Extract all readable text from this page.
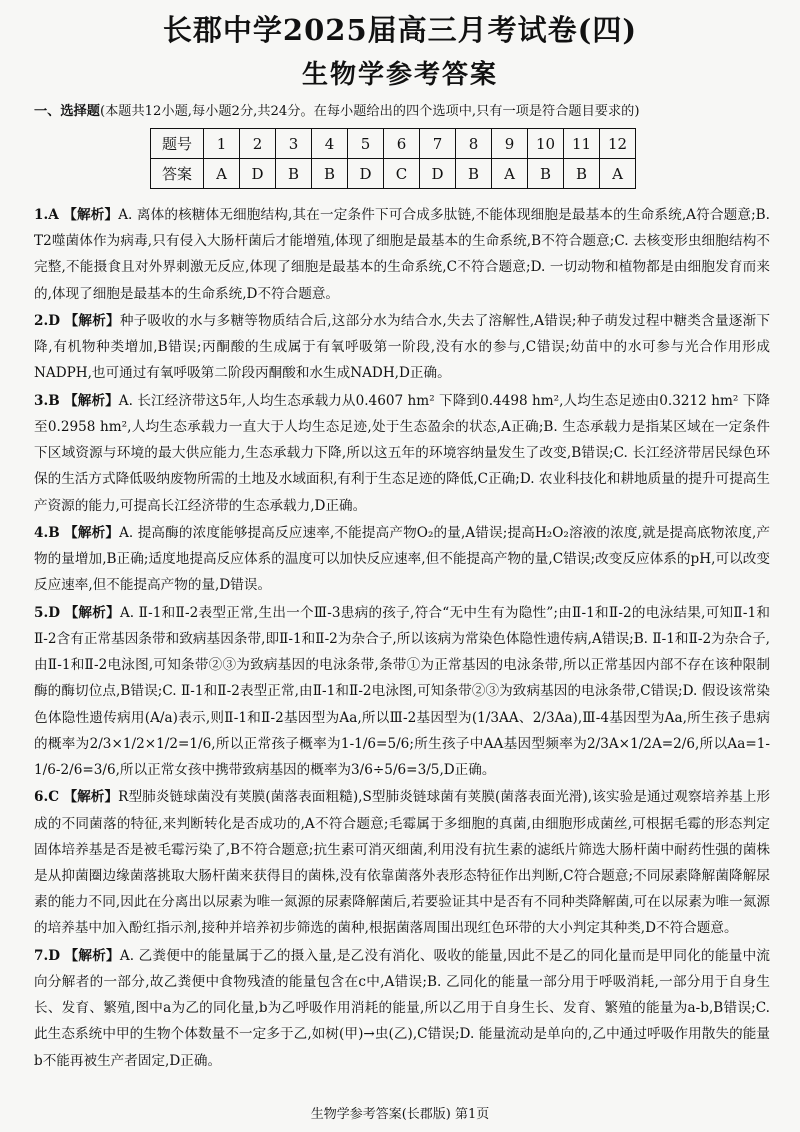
长郡中学2025届高三月考试卷(四)
生物学参考答案
一、选择题(本题共12小题,每小题2分,共24分。在每小题给出的四个选项中,只有一项是符合题目要求的)
题号	1	2	3	4	5	6	7	8	9	10	11	12
答案	A	D	B	B	D	C	D	B	A	B	B	A
1.A 【解析】A. 离体的核糖体无细胞结构,其在一定条件下可合成多肽链,不能体现细胞是最基本的生命系统,A符合题意;B. T2噬菌体作为病毒,只有侵入大肠杆菌后才能增殖,体现了细胞是最基本的生命系统,B不符合题意;C. 去核变形虫细胞结构不完整,不能摄食且对外界刺激无反应,体现了细胞是最基本的生命系统,C不符合题意;D. 一切动物和植物都是由细胞发育而来的,体现了细胞是最基本的生命系统,D不符合题意。
2.D 【解析】种子吸收的水与多糖等物质结合后,这部分水为结合水,失去了溶解性,A错误;种子萌发过程中糖类含量逐渐下降,有机物种类增加,B错误;丙酮酸的生成属于有氧呼吸第一阶段,没有水的参与,C错误;幼苗中的水可参与光合作用形成NADPH,也可通过有氧呼吸第二阶段丙酮酸和水生成NADH,D正确。
3.B 【解析】A. 长江经济带这5年,人均生态承载力从0.4607 hm² 下降到0.4498 hm²,人均生态足迹由0.3212 hm² 下降至0.2958 hm²,人均生态承载力一直大于人均生态足迹,处于生态盈余的状态,A正确;B. 生态承载力是指某区域在一定条件下区域资源与环境的最大供应能力,生态承载力下降,所以这五年的环境容纳量发生了改变,B错误;C. 长江经济带居民绿色环保的生活方式降低吸纳废物所需的土地及水域面积,有利于生态足迹的降低,C正确;D. 农业科技化和耕地质量的提升可提高生产资源的能力,可提高长江经济带的生态承载力,D正确。
4.B 【解析】A. 提高酶的浓度能够提高反应速率,不能提高产物O₂的量,A错误;提高H₂O₂溶液的浓度,就是提高底物浓度,产物的量增加,B正确;适度地提高反应体系的温度可以加快反应速率,但不能提高产物的量,C错误;改变反应体系的pH,可以改变反应速率,但不能提高产物的量,D错误。
5.D 【解析】A. Ⅱ-1和Ⅱ-2表型正常,生出一个Ⅲ-3患病的孩子,符合“无中生有为隐性”;由Ⅱ-1和Ⅱ-2的电泳结果,可知Ⅱ-1和Ⅱ-2含有正常基因条带和致病基因条带,即Ⅱ-1和Ⅱ-2为杂合子,所以该病为常染色体隐性遗传病,A错误;B. Ⅱ-1和Ⅱ-2为杂合子,由Ⅱ-1和Ⅱ-2电泳图,可知条带②③为致病基因的电泳条带,条带①为正常基因的电泳条带,所以正常基因内部不存在该种限制酶的酶切位点,B错误;C. Ⅱ-1和Ⅱ-2表型正常,由Ⅱ-1和Ⅱ-2电泳图,可知条带②③为致病基因的电泳条带,C错误;D. 假设该常染色体隐性遗传病用(A/a)表示,则Ⅱ-1和Ⅱ-2基因型为Aa,所以Ⅲ-2基因型为(1/3AA、2/3Aa),Ⅲ-4基因型为Aa,所生孩子患病的概率为2/3×1/2×1/2=1/6,所以正常孩子概率为1-1/6=5/6;所生孩子中AA基因型频率为2/3A×1/2A=2/6,所以Aa=1-1/6-2/6=3/6,所以正常女孩中携带致病基因的概率为3/6÷5/6=3/5,D正确。
6.C 【解析】R型肺炎链球菌没有荚膜(菌落表面粗糙),S型肺炎链球菌有荚膜(菌落表面光滑),该实验是通过观察培养基上形成的不同菌落的特征,来判断转化是否成功的,A不符合题意;毛霉属于多细胞的真菌,由细胞形成菌丝,可根据毛霉的形态判定固体培养基是否是被毛霉污染了,B不符合题意;抗生素可消灭细菌,利用没有抗生素的滤纸片筛选大肠杆菌中耐药性强的菌株是从抑菌圈边缘菌落挑取大肠杆菌来获得目的菌株,没有依靠菌落外表形态特征作出判断,C符合题意;不同尿素降解菌降解尿素的能力不同,因此在分离出以尿素为唯一氮源的尿素降解菌后,若要验证其中是否有不同种类降解菌,可在以尿素为唯一氮源的培养基中加入酚红指示剂,接种并培养初步筛选的菌种,根据菌落周围出现红色环带的大小判定其种类,D不符合题意。
7.D 【解析】A. 乙粪便中的能量属于乙的摄入量,是乙没有消化、吸收的能量,因此不是乙的同化量而是甲同化的能量中流向分解者的一部分,故乙粪便中食物残渣的能量包含在c中,A错误;B. 乙同化的能量一部分用于呼吸消耗,一部分用于自身生长、发育、繁殖,图中a为乙的同化量,b为乙呼吸作用消耗的能量,所以乙用于自身生长、发育、繁殖的能量为a-b,B错误;C. 此生态系统中甲的生物个体数量不一定多于乙,如树(甲)→虫(乙),C错误;D. 能量流动是单向的,乙中通过呼吸作用散失的能量b不能再被生产者固定,D正确。
生物学参考答案(长郡版) 第1页
